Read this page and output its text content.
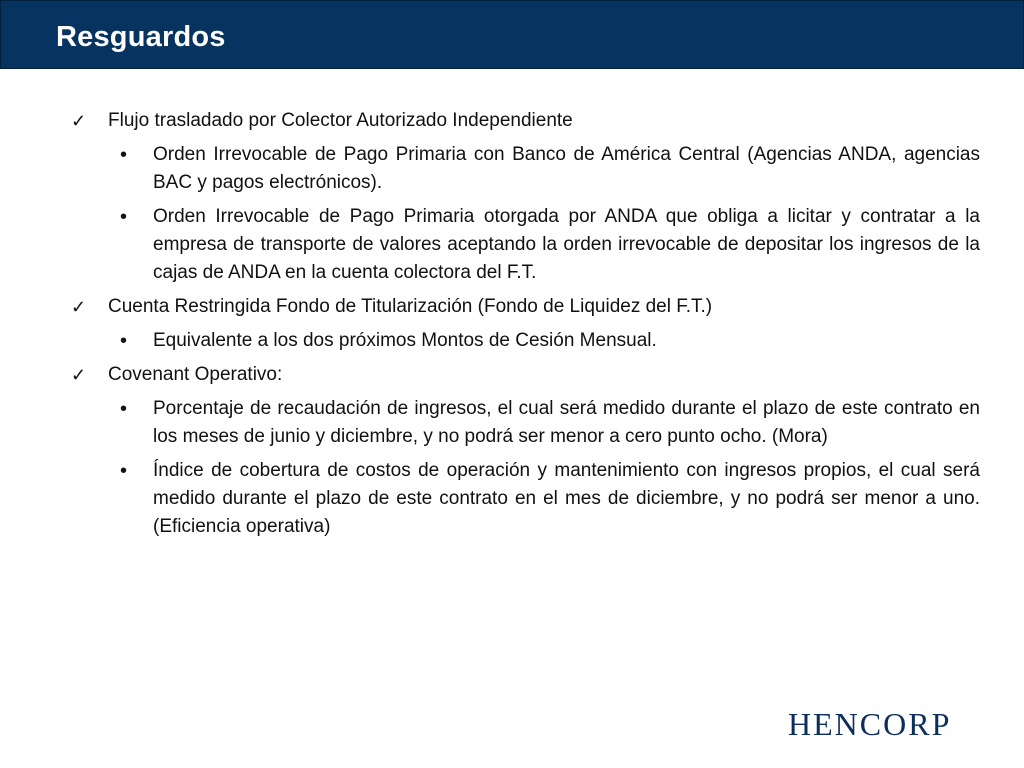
Resguardos
✓ Flujo trasladado por Colector Autorizado Independiente
• Orden Irrevocable de Pago Primaria con Banco de América Central (Agencias ANDA, agencias BAC y pagos electrónicos).
• Orden Irrevocable de Pago Primaria otorgada por ANDA que obliga a licitar y contratar a la empresa de transporte de valores aceptando la orden irrevocable de depositar los ingresos de la cajas de ANDA en la cuenta colectora del F.T.
✓ Cuenta Restringida Fondo de Titularización (Fondo de Liquidez del F.T.)
• Equivalente a los dos próximos Montos de Cesión Mensual.
✓ Covenant Operativo:
• Porcentaje de recaudación de ingresos, el cual será medido durante el plazo de este contrato en los meses de junio y diciembre, y no podrá ser menor a cero punto ocho. (Mora)
• Índice de cobertura de costos de operación y mantenimiento con ingresos propios, el cual será medido durante el plazo de este contrato en el mes de diciembre, y no podrá ser menor a uno. (Eficiencia operativa)
HENCORP
